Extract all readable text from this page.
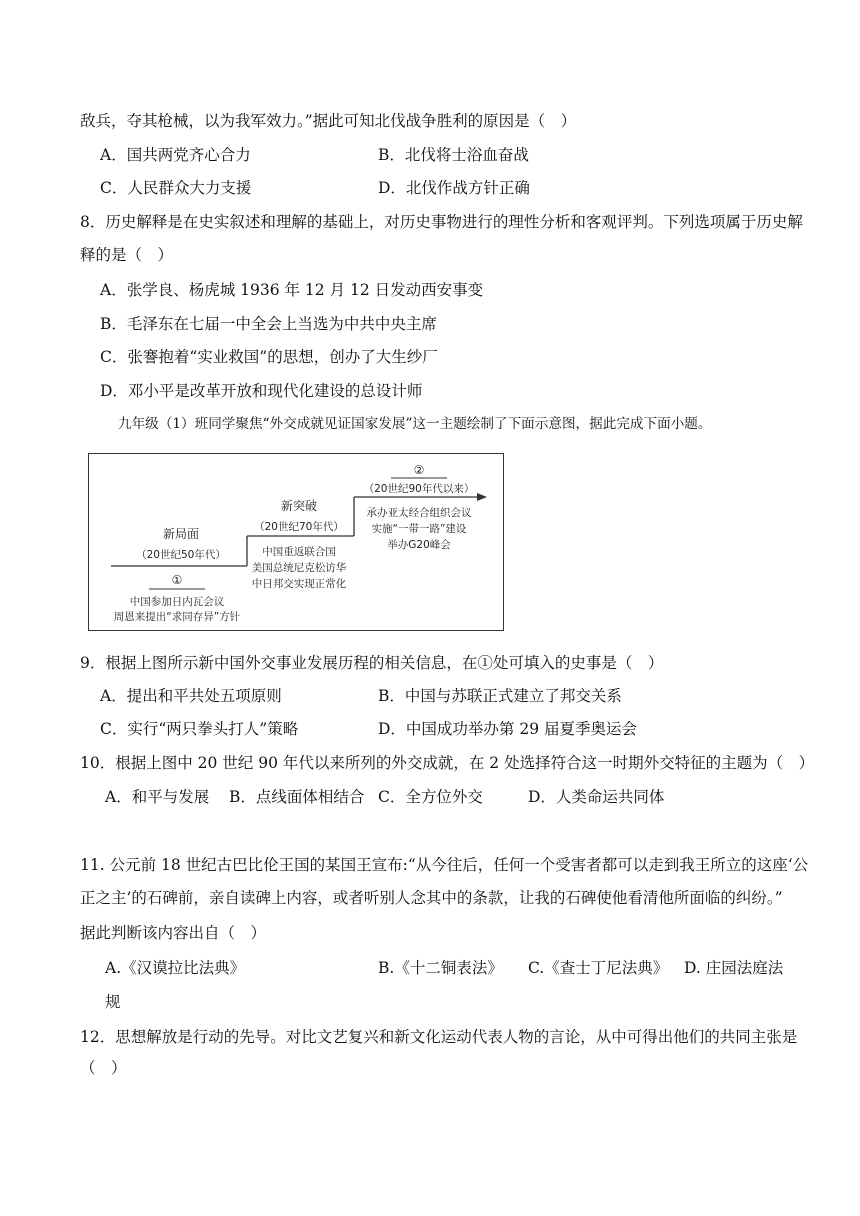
敌兵，夺其枪械，以为我军效力。”据此可知北伐战争胜利的原因是（　）
A．国共两党齐心合力	B．北伐将士浴血奋战
C．人民群众大力支援	D．北伐作战方针正确
8．历史解释是在史实叙述和理解的基础上，对历史事物进行的理性分析和客观评判。下列选项属于历史解
释的是（　）
A．张学良、杨虎城 1936 年 12 月 12 日发动西安事变
B．毛泽东在七届一中全会上当选为中共中央主席
C．张謇抱着“实业救国”的思想，创办了大生纱厂
D．邓小平是改革开放和现代化建设的总设计师
九年级（1）班同学聚焦“外交成就见证国家发展”这一主题绘制了下面示意图，据此完成下面小题。
新局面
（20世纪50年代）
①
中国参加日内瓦会议
周恩来提出“求同存异”方针
新突破
（20世纪70年代）
中国重返联合国
美国总统尼克松访华
中日邦交实现正常化
②
（20世纪90年代以来）
承办亚太经合组织会议
实施“一带一路”建设
举办G20峰会
9．根据上图所示新中国外交事业发展历程的相关信息，在①处可填入的史事是（　）
A．提出和平共处五项原则	B．中国与苏联正式建立了邦交关系
C．实行“两只拳头打人”策略	D．中国成功举办第 29 届夏季奥运会
10．根据上图中 20 世纪 90 年代以来所列的外交成就，在 2 处选择符合这一时期外交特征的主题为（　）
A．和平与发展 B．点线面体相结合 C．全方位外交	D．人类命运共同体
11. 公元前 18 世纪古巴比伦王国的某国王宣布:“从今往后，任何一个受害者都可以走到我王所立的这座‘公
正之主’的石碑前，亲自读碑上内容，或者听别人念其中的条款，让我的石碑使他看清他所面临的纠纷。”
据此判断该内容出自（　）
A.《汉谟拉比法典》	B.《十二铜表法》 C.《查士丁尼法典》 D. 庄园法庭法
规
12．思想解放是行动的先导。对比文艺复兴和新文化运动代表人物的言论，从中可得出他们的共同主张是
（　）
